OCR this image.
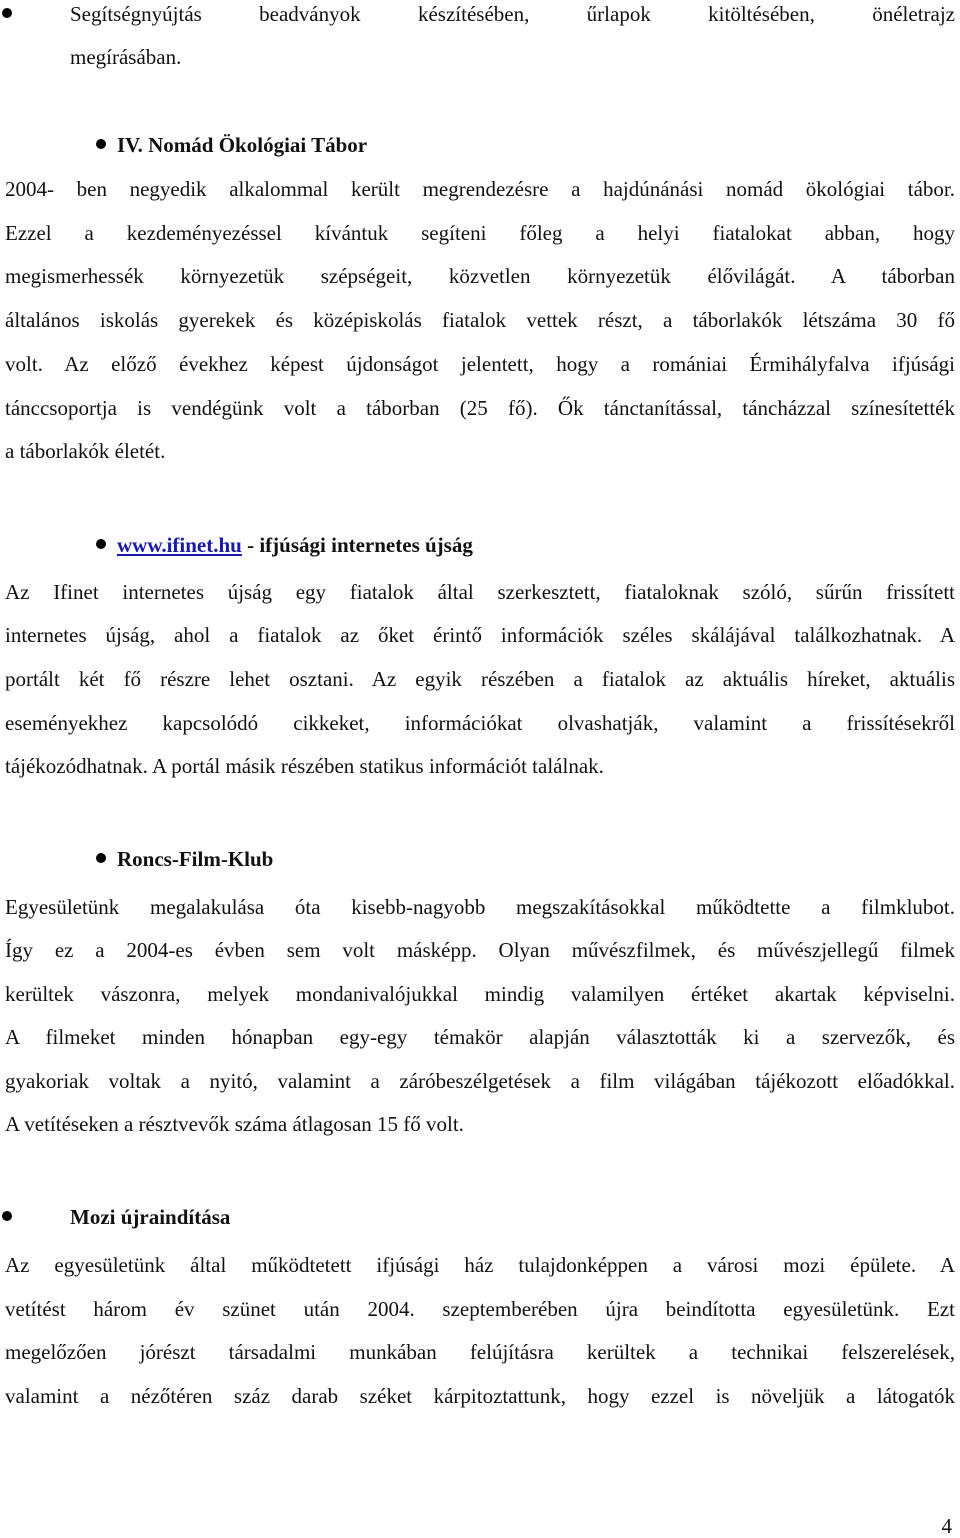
Segítségnyújtás beadványok készítésében, űrlapok kitöltésében, önéletrajz

megírásában.

IV. Nomád Ökológiai Tábor

2004- ben negyedik alkalommal került megrendezésre a hajdúnánási nomád ökológiai tábor.

Ezzel a kezdeményezéssel kívántuk segíteni főleg a helyi fiatalokat abban, hogy

megismerhessék környezetük szépségeit, közvetlen környezetük élővilágát. A táborban

általános iskolás gyerekek és középiskolás fiatalok vettek részt, a táborlakók létszáma 30 fő

volt. Az előző évekhez képest újdonságot jelentett, hogy a romániai Érmihályfalva ifjúsági

tánccsoportja is vendégünk volt a táborban (25 fő). Ők tánctanítással, táncházzal színesítették

a táborlakók életét.

www.ifinet.hu - ifjúsági internetes újság

Az Ifinet internetes újság egy fiatalok által szerkesztett, fiataloknak szóló, sűrűn frissített

internetes újság, ahol a fiatalok az őket érintő információk széles skálájával találkozhatnak. A

portált két fő részre lehet osztani. Az egyik részében a fiatalok az aktuális híreket, aktuális

eseményekhez kapcsolódó cikkeket, információkat olvashatják, valamint a frissítésekről

tájékozódhatnak. A portál másik részében statikus információt találnak.

Roncs-Film-Klub

Egyesületünk megalakulása óta kisebb-nagyobb megszakításokkal működtette a filmklubot.

Így ez a 2004-es évben sem volt másképp. Olyan művészfilmek, és művészjellegű filmek

kerültek vászonra, melyek mondanivalójukkal mindig valamilyen értéket akartak képviselni.

A filmeket minden hónapban egy-egy témakör alapján választották ki a szervezők, és

gyakoriak voltak a nyitó, valamint a záróbeszélgetések a film világában tájékozott előadókkal.

A vetítéseken a résztvevők száma átlagosan 15 fő volt.

Mozi újraindítása

Az egyesületünk által működtetett ifjúsági ház tulajdonképpen a városi mozi épülete. A

vetítést három év szünet után 2004. szeptemberében újra beindította egyesületünk. Ezt

megelőzően jórészt társadalmi munkában felújításra kerültek a technikai felszerelések,

valamint a nézőtéren száz darab széket kárpitoztattunk, hogy ezzel is növeljük a látogatók

4
